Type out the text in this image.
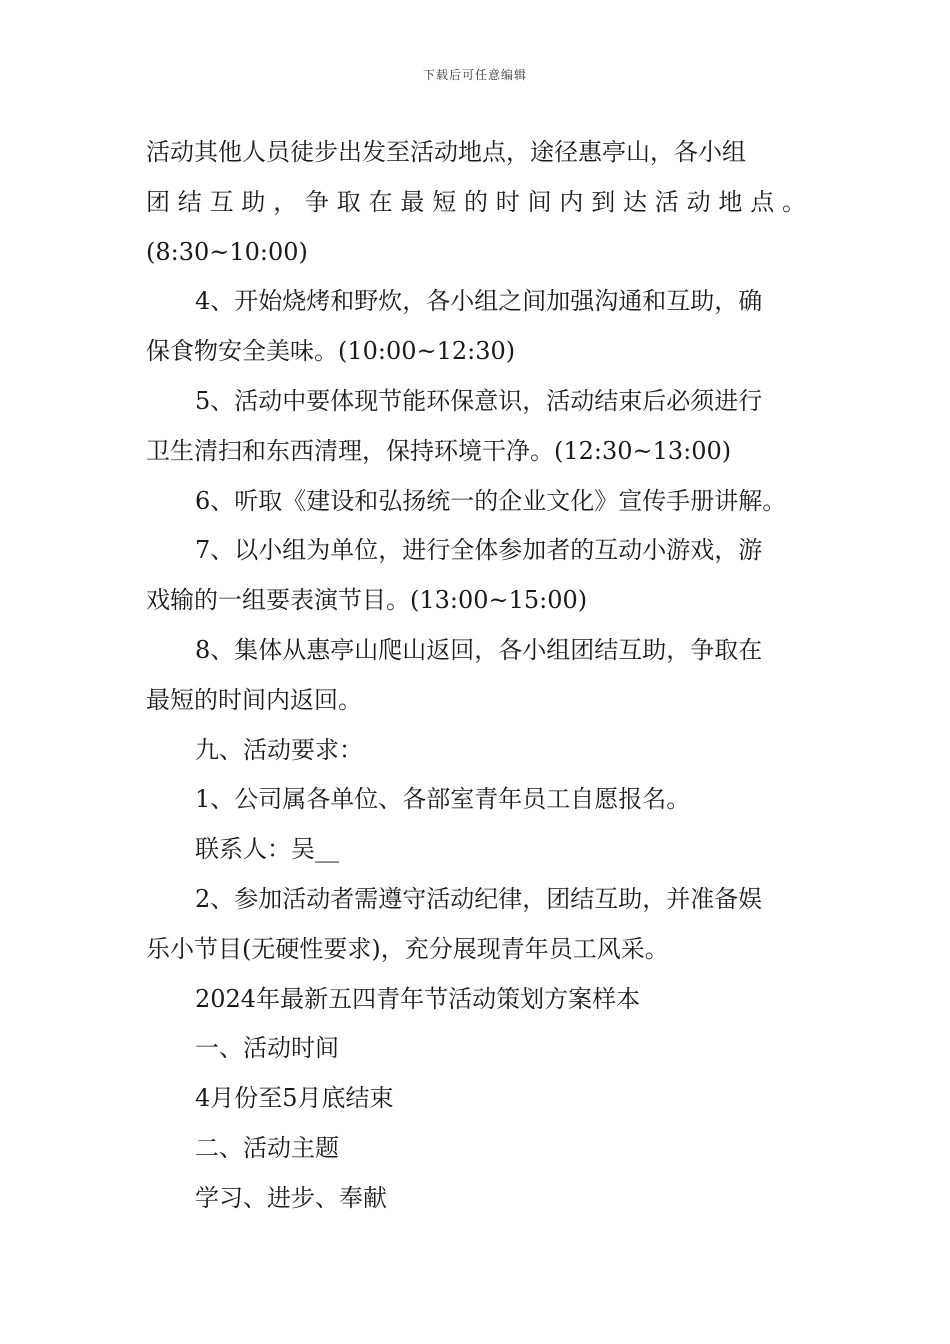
下载后可任意编辑
活动其他人员徒步出发至活动地点，途径惠亭山，各小组
团 结 互 助 ， 争 取 在 最 短 的 时 间 内 到 达 活 动 地 点 。
(8:30~10:00)
4、开始烧烤和野炊，各小组之间加强沟通和互助，确
保食物安全美味。(10:00~12:30)
5、活动中要体现节能环保意识，活动结束后必须进行
卫生清扫和东西清理，保持环境干净。(12:30~13:00)
6、听取《建设和弘扬统一的企业文化》宣传手册讲解。
7、以小组为单位，进行全体参加者的互动小游戏，游
戏输的一组要表演节目。(13:00~15:00)
8、集体从惠亭山爬山返回，各小组团结互助，争取在
最短的时间内返回。
九、活动要求：
1、公司属各单位、各部室青年员工自愿报名。
联系人：吴__
2、参加活动者需遵守活动纪律，团结互助，并准备娱
乐小节目(无硬性要求)，充分展现青年员工风采。
2024年最新五四青年节活动策划方案样本
一、活动时间
4月份至5月底结束
二、活动主题
学习、进步、奉献
